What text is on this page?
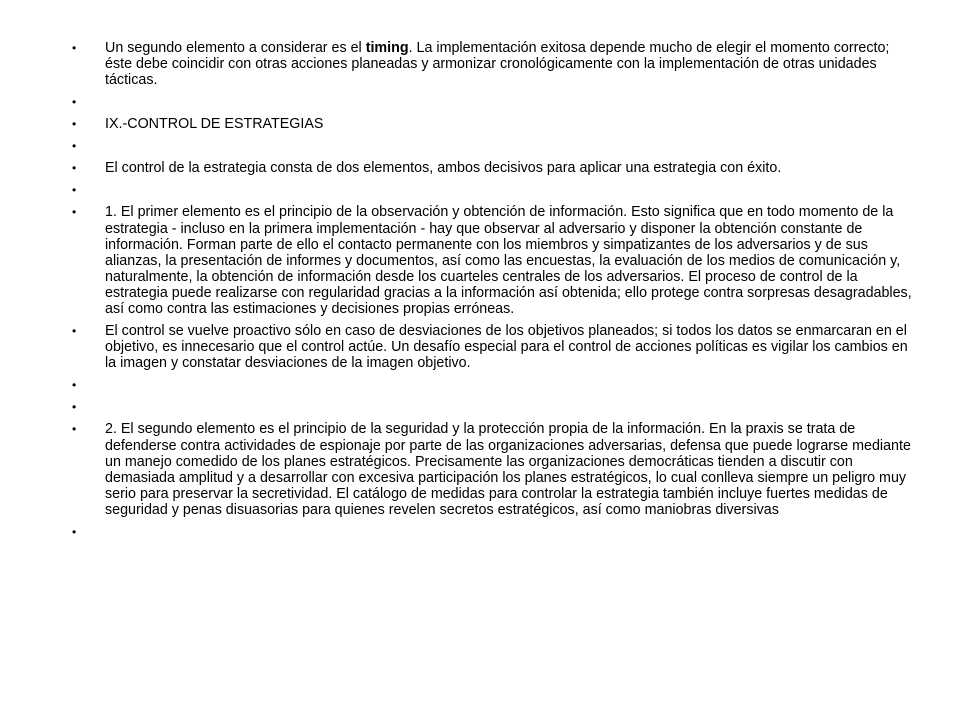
•	Un segundo elemento a considerar es el timing. La implementación exitosa depende mucho de elegir el momento correcto; éste debe coincidir con otras acciones planeadas y armonizar cronológicamente con la implementación de otras unidades tácticas.
•
•	IX.-CONTROL DE ESTRATEGIAS
•
•	El control de la estrategia consta de dos elementos, ambos decisivos para aplicar una estrategia con éxito.
•
•	1. El primer elemento es el principio de la observación y obtención de información. Esto significa que en todo momento de la estrategia - incluso en la primera implementación - hay que observar al adversario y disponer la obtención constante de información. Forman parte de ello el contacto permanente con los miembros y simpatizantes de los adversarios y de sus alianzas, la presentación de informes y documentos, así como las encuestas, la evaluación de los medios de comunicación y, naturalmente, la obtención de información desde los cuarteles centrales de los adversarios. El proceso de control de la estrategia puede realizarse con regularidad gracias a la información así obtenida; ello protege contra sorpresas desagradables, así como contra las estimaciones y decisiones propias erróneas.
•	El control se vuelve proactivo sólo en caso de desviaciones de los objetivos planeados; si todos los datos se enmarcaran en el objetivo, es innecesario que el control actúe. Un desafío especial para el control de acciones políticas es vigilar los cambios en la imagen y constatar desviaciones de la imagen objetivo.
•
•
•	2. El segundo elemento es el principio de la seguridad y la protección propia de la información. En la praxis se trata de defenderse contra actividades de espionaje por parte de las organizaciones adversarias, defensa que puede lograrse mediante un manejo comedido de los planes estratégicos. Precisamente las organizaciones democráticas tienden a discutir con demasiada amplitud y a desarrollar con excesiva participación los planes estratégicos, lo cual conlleva siempre un peligro muy serio para preservar la secretividad. El catálogo de medidas para controlar la estrategia también incluye fuertes medidas de seguridad y penas disuasorias para quienes revelen secretos estratégicos, así como maniobras diversivas
•
